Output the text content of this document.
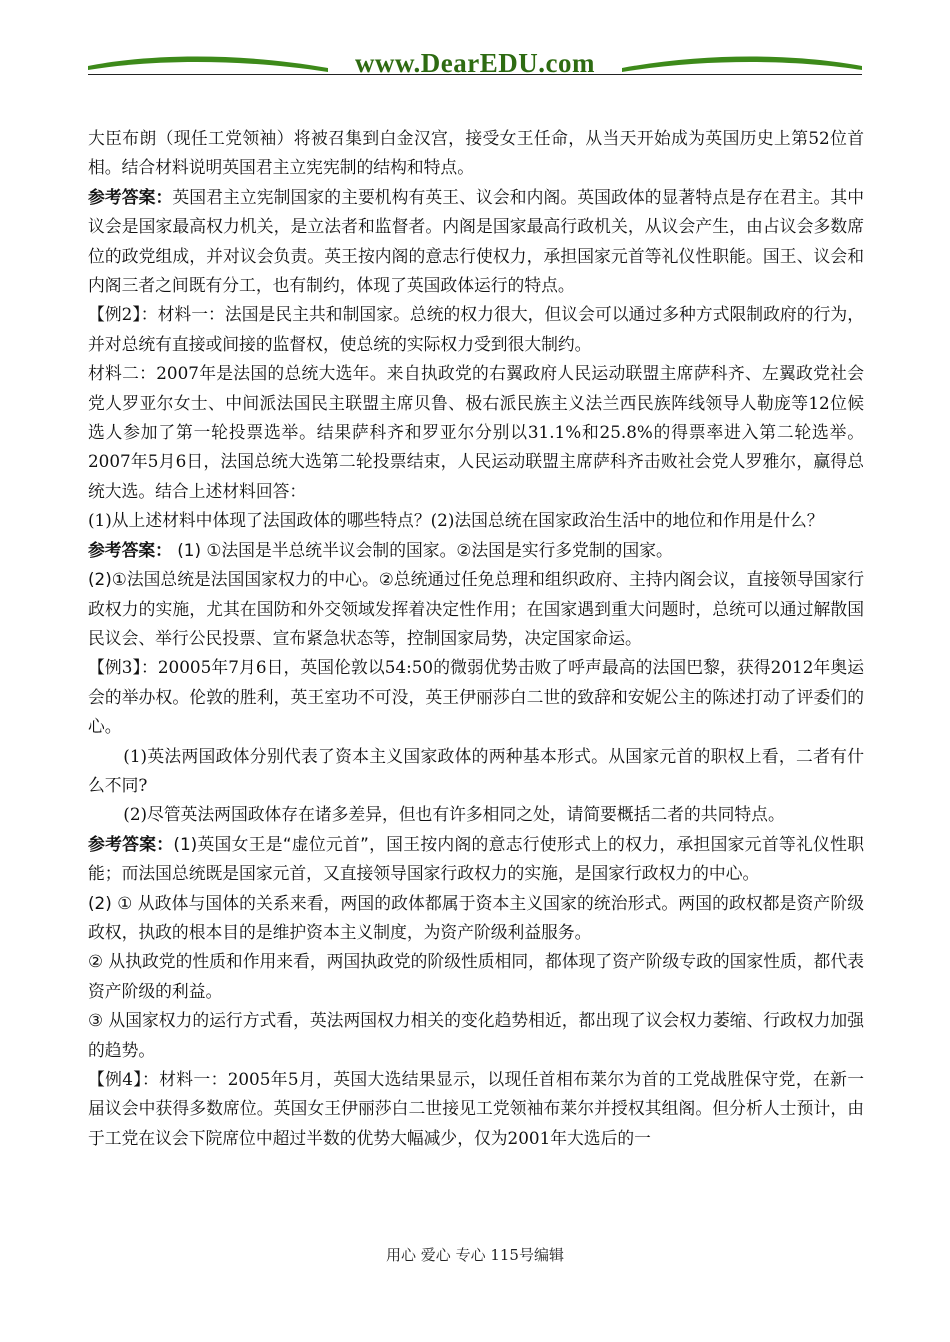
www.DearEDU.com

大臣布朗（现任工党领袖）将被召集到白金汉宫，接受女王任命，从当天开始成为英国历史上第52位首相。结合材料说明英国君主立宪宪制的结构和特点。

参考答案：英国君主立宪制国家的主要机构有英王、议会和内阁。英国政体的显著特点是存在君主。其中议会是国家最高权力机关，是立法者和监督者。内阁是国家最高行政机关，从议会产生，由占议会多数席位的政党组成，并对议会负责。英王按内阁的意志行使权力，承担国家元首等礼仪性职能。国王、议会和内阁三者之间既有分工，也有制约，体现了英国政体运行的特点。

【例2】：材料一：法国是民主共和制国家。总统的权力很大，但议会可以通过多种方式限制政府的行为，并对总统有直接或间接的监督权，使总统的实际权力受到很大制约。

材料二：2007年是法国的总统大选年。来自执政党的右翼政府人民运动联盟主席萨科齐、左翼政党社会党人罗亚尔女士、中间派法国民主联盟主席贝鲁、极右派民族主义法兰西民族阵线领导人勒庞等12位候选人参加了第一轮投票选举。结果萨科齐和罗亚尔分别以31.1%和25.8%的得票率进入第二轮选举。2007年5月6日，法国总统大选第二轮投票结束，人民运动联盟主席萨科齐击败社会党人罗雅尔，赢得总统大选。结合上述材料回答：

(1)从上述材料中体现了法国政体的哪些特点？(2)法国总统在国家政治生活中的地位和作用是什么？

参考答案： (1) ①法国是半总统半议会制的国家。②法国是实行多党制的国家。

(2)①法国总统是法国国家权力的中心。②总统通过任免总理和组织政府、主持内阁会议，直接领导国家行政权力的实施，尤其在国防和外交领域发挥着决定性作用；在国家遇到重大问题时，总统可以通过解散国民议会、举行公民投票、宣布紧急状态等，控制国家局势，决定国家命运。

【例3】：20005年7月6日，英国伦敦以54:50的微弱优势击败了呼声最高的法国巴黎，获得2012年奥运会的举办权。伦敦的胜利，英王室功不可没，英王伊丽莎白二世的致辞和安妮公主的陈述打动了评委们的心。

(1)英法两国政体分别代表了资本主义国家政体的两种基本形式。从国家元首的职权上看，二者有什么不同?

(2)尽管英法两国政体存在诸多差异，但也有许多相同之处，请简要概括二者的共同特点。

参考答案：(1)英国女王是“虚位元首”，国王按内阁的意志行使形式上的权力，承担国家元首等礼仪性职能；而法国总统既是国家元首，又直接领导国家行政权力的实施，是国家行政权力的中心。

(2) ① 从政体与国体的关系来看，两国的政体都属于资本主义国家的统治形式。两国的政权都是资产阶级政权，执政的根本目的是维护资本主义制度，为资产阶级利益服务。

② 从执政党的性质和作用来看，两国执政党的阶级性质相同，都体现了资产阶级专政的国家性质，都代表资产阶级的利益。

③ 从国家权力的运行方式看，英法两国权力相关的变化趋势相近，都出现了议会权力萎缩、行政权力加强的趋势。

【例4】：材料一：2005年5月，英国大选结果显示，以现任首相布莱尔为首的工党战胜保守党，在新一届议会中获得多数席位。英国女王伊丽莎白二世接见工党领袖布莱尔并授权其组阁。但分析人士预计，由于工党在议会下院席位中超过半数的优势大幅减少，仅为2001年大选后的一

用心 爱心 专心 115号编辑
